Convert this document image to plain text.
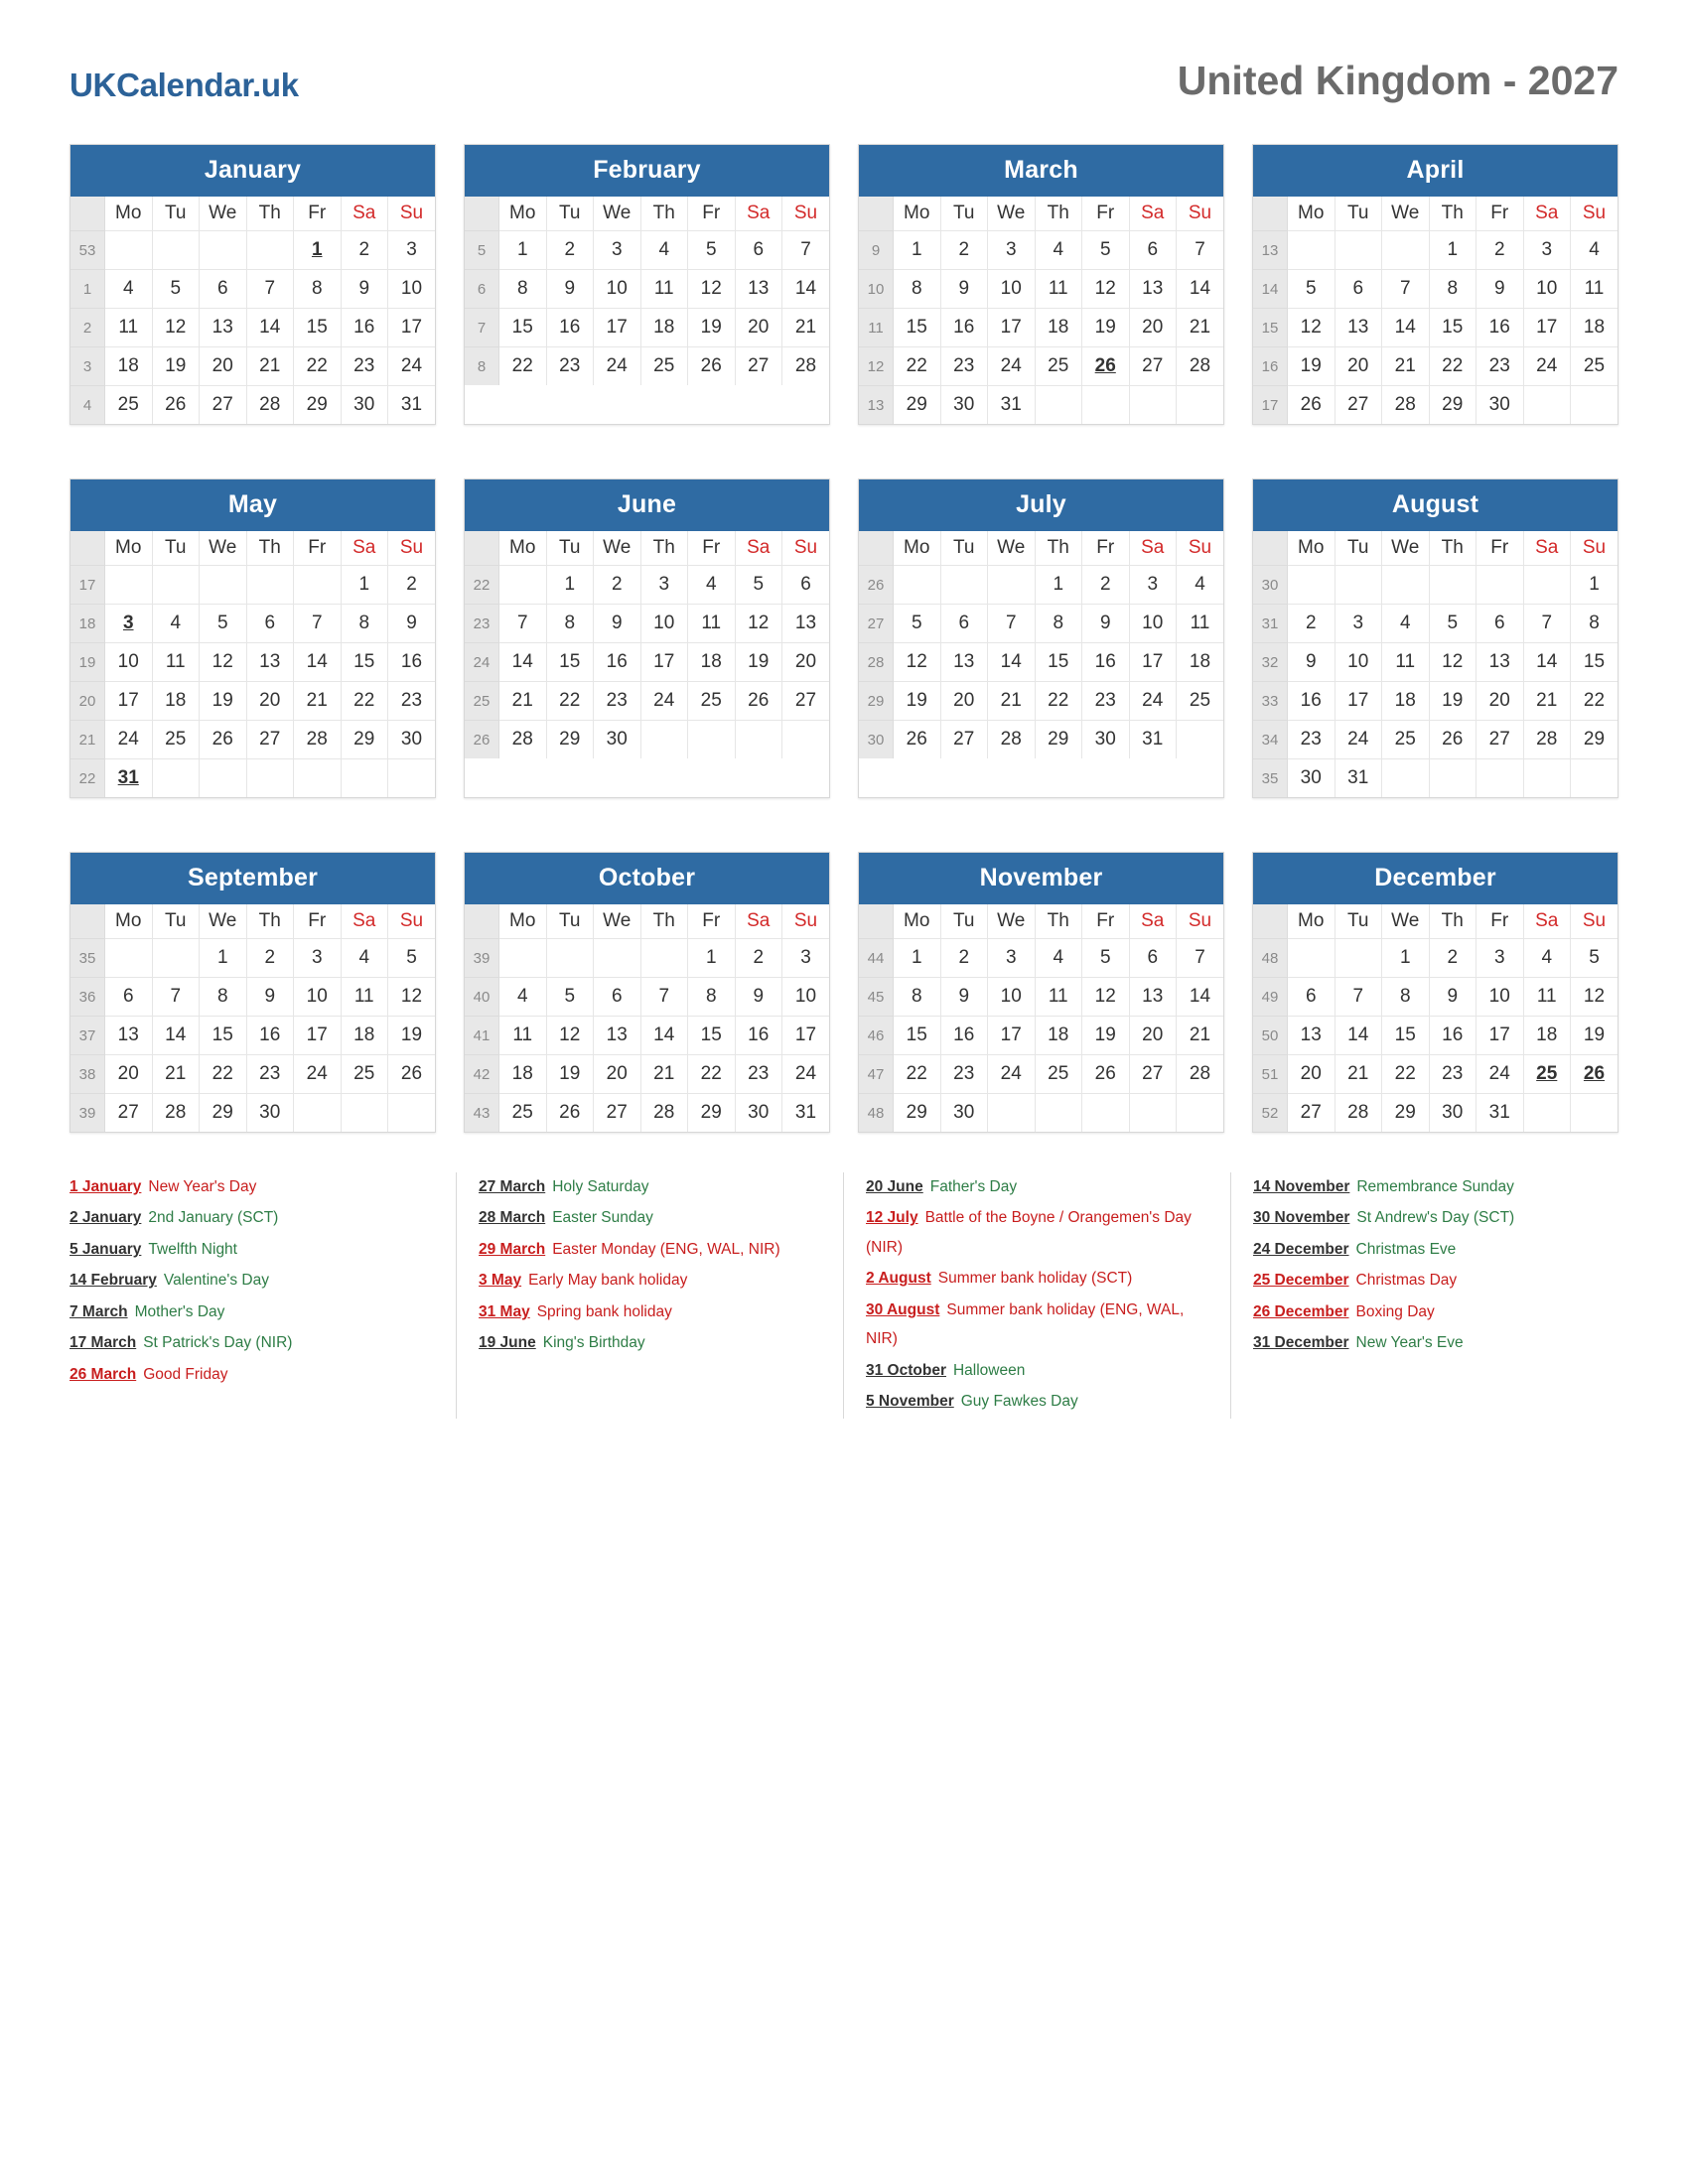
UKCalendar.uk	United Kingdom - 2027
January
	Mo	Tu	We	Th	Fr	Sa	Su
53					1	2	3
1	4	5	6	7	8	9	10
2	11	12	13	14	15	16	17
3	18	19	20	21	22	23	24
4	25	26	27	28	29	30	31
February
	Mo	Tu	We	Th	Fr	Sa	Su
5	1	2	3	4	5	6	7
6	8	9	10	11	12	13	14
7	15	16	17	18	19	20	21
8	22	23	24	25	26	27	28
March
	Mo	Tu	We	Th	Fr	Sa	Su
9	1	2	3	4	5	6	7
10	8	9	10	11	12	13	14
11	15	16	17	18	19	20	21
12	22	23	24	25	26	27	28
13	29	30	31				
April
	Mo	Tu	We	Th	Fr	Sa	Su
13				1	2	3	4
14	5	6	7	8	9	10	11
15	12	13	14	15	16	17	18
16	19	20	21	22	23	24	25
17	26	27	28	29	30		
May
	Mo	Tu	We	Th	Fr	Sa	Su
17						1	2
18	3	4	5	6	7	8	9
19	10	11	12	13	14	15	16
20	17	18	19	20	21	22	23
21	24	25	26	27	28	29	30
22	31						
June
	Mo	Tu	We	Th	Fr	Sa	Su
22		1	2	3	4	5	6
23	7	8	9	10	11	12	13
24	14	15	16	17	18	19	20
25	21	22	23	24	25	26	27
26	28	29	30				
July
	Mo	Tu	We	Th	Fr	Sa	Su
26				1	2	3	4
27	5	6	7	8	9	10	11
28	12	13	14	15	16	17	18
29	19	20	21	22	23	24	25
30	26	27	28	29	30	31	
August
	Mo	Tu	We	Th	Fr	Sa	Su
30							1
31	2	3	4	5	6	7	8
32	9	10	11	12	13	14	15
33	16	17	18	19	20	21	22
34	23	24	25	26	27	28	29
35	30	31					
September
	Mo	Tu	We	Th	Fr	Sa	Su
35			1	2	3	4	5
36	6	7	8	9	10	11	12
37	13	14	15	16	17	18	19
38	20	21	22	23	24	25	26
39	27	28	29	30			
October
	Mo	Tu	We	Th	Fr	Sa	Su
39					1	2	3
40	4	5	6	7	8	9	10
41	11	12	13	14	15	16	17
42	18	19	20	21	22	23	24
43	25	26	27	28	29	30	31
November
	Mo	Tu	We	Th	Fr	Sa	Su
44	1	2	3	4	5	6	7
45	8	9	10	11	12	13	14
46	15	16	17	18	19	20	21
47	22	23	24	25	26	27	28
48	29	30					
December
	Mo	Tu	We	Th	Fr	Sa	Su
48			1	2	3	4	5
49	6	7	8	9	10	11	12
50	13	14	15	16	17	18	19
51	20	21	22	23	24	25	26
52	27	28	29	30	31		
1 January New Year's Day
2 January 2nd January (SCT)
5 January Twelfth Night
14 February Valentine's Day
7 March Mother's Day
17 March St Patrick's Day (NIR)
26 March Good Friday
27 March Holy Saturday
28 March Easter Sunday
29 March Easter Monday (ENG, WAL, NIR)
3 May Early May bank holiday
31 May Spring bank holiday
19 June King's Birthday
20 June Father's Day
12 July Battle of the Boyne / Orangemen's Day (NIR)
2 August Summer bank holiday (SCT)
30 August Summer bank holiday (ENG, WAL, NIR)
31 October Halloween
5 November Guy Fawkes Day
14 November Remembrance Sunday
30 November St Andrew's Day (SCT)
24 December Christmas Eve
25 December Christmas Day
26 December Boxing Day
31 December New Year's Eve
